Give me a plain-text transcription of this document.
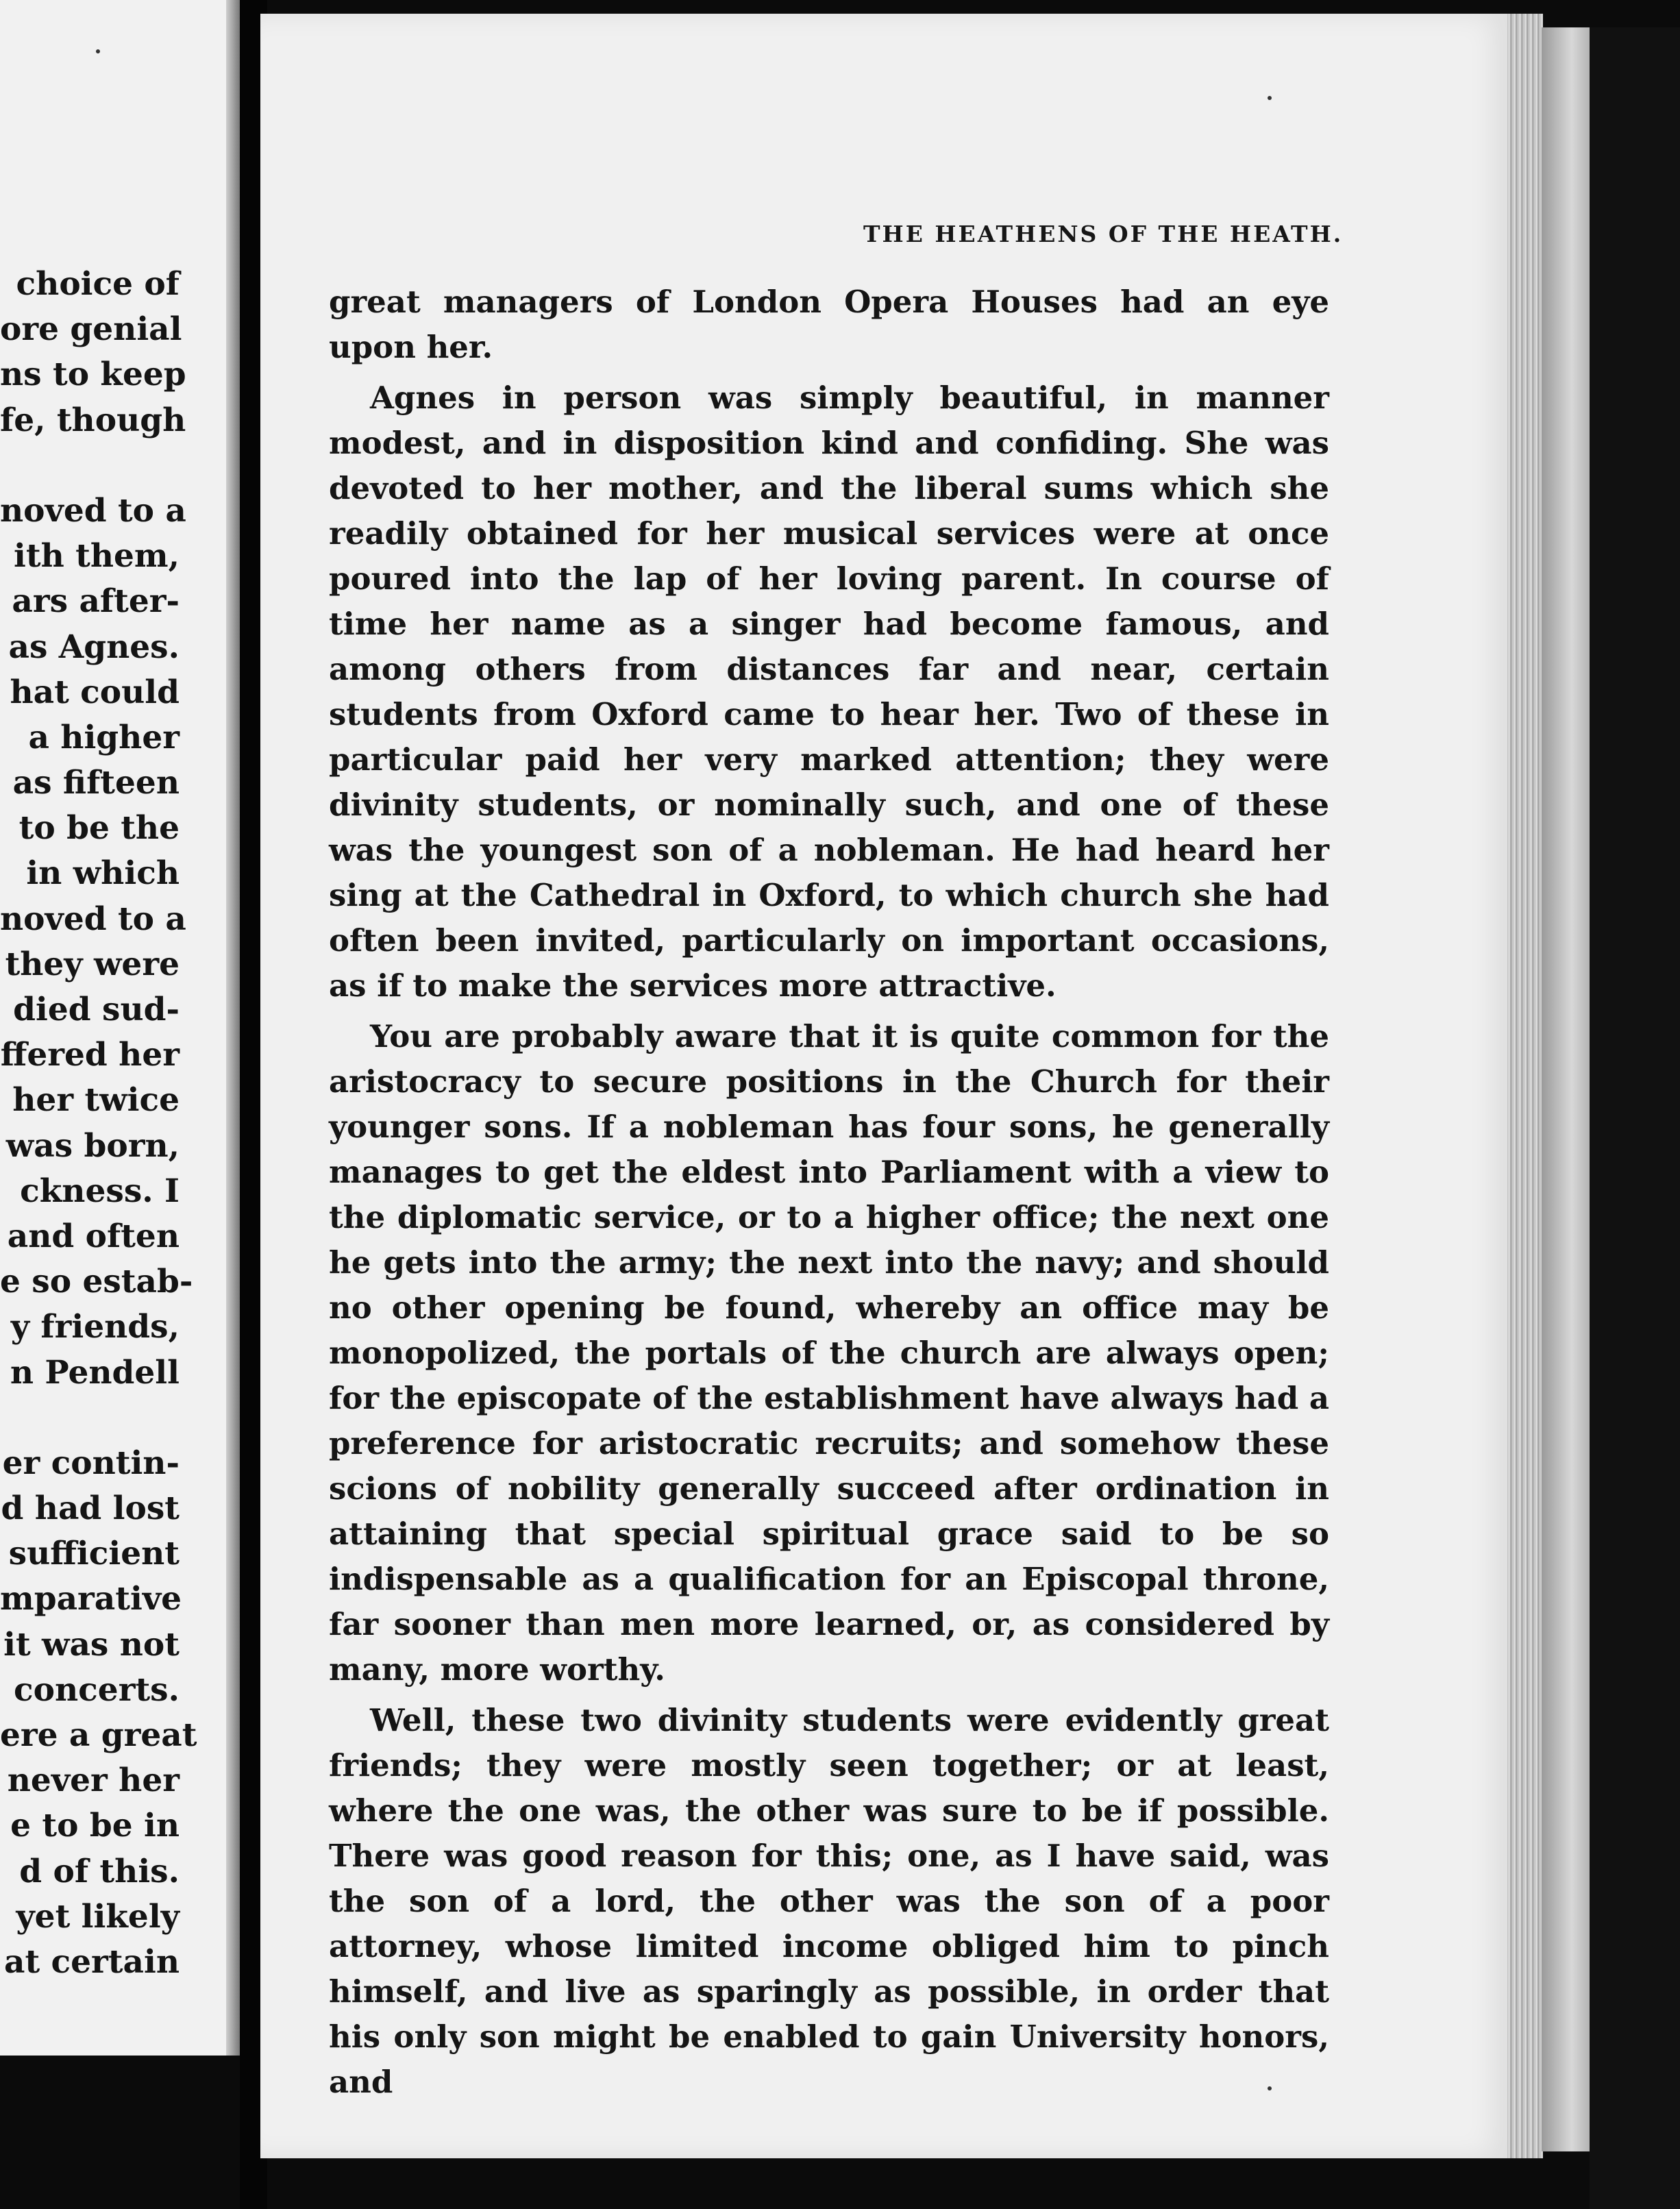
choice of
ore genial
ns to keep
fe, though
noved to a
ith them,
ars after-
as Agnes.
hat could
a higher
as fifteen
to be the
in which
noved to a
they were
died sud-
ffered her
her twice
was born,
ckness. I
and often
e so estab-
y friends,
n Pendell
er contin-
d had lost
sufficient
mparative
it was not
concerts.
ere a great
never her
e to be in
d of this.
yet likely
at certain
THE HEATHENS OF THE HEATH.

great managers of London Opera Houses had an eye upon her.

Agnes in person was simply beautiful, in manner modest, and in disposition kind and confiding. She was devoted to her mother, and the liberal sums which she readily obtained for her musical services were at once poured into the lap of her loving parent. In course of time her name as a singer had become famous, and among others from distances far and near, certain students from Oxford came to hear her. Two of these in particular paid her very marked attention; they were divinity students, or nominally such, and one of these was the youngest son of a nobleman. He had heard her sing at the Cathedral in Oxford, to which church she had often been invited, particularly on important occasions, as if to make the services more attractive.

You are probably aware that it is quite common for the aristocracy to secure positions in the Church for their younger sons. If a nobleman has four sons, he generally manages to get the eldest into Parliament with a view to the diplomatic service, or to a higher office; the next one he gets into the army; the next into the navy; and should no other opening be found, whereby an office may be monopolized, the portals of the church are always open; for the episcopate of the establishment have always had a preference for aristocratic recruits; and somehow these scions of nobility generally succeed after ordination in attaining that special spiritual grace said to be so indispensable as a qualification for an Episcopal throne, far sooner than men more learned, or, as considered by many, more worthy.

Well, these two divinity students were evidently great friends; they were mostly seen together; or at least, where the one was, the other was sure to be if possible. There was good reason for this; one, as I have said, was the son of a lord, the other was the son of a poor attorney, whose limited income obliged him to pinch himself, and live as sparingly as possible, in order that his only son might be enabled to gain University honors, and
